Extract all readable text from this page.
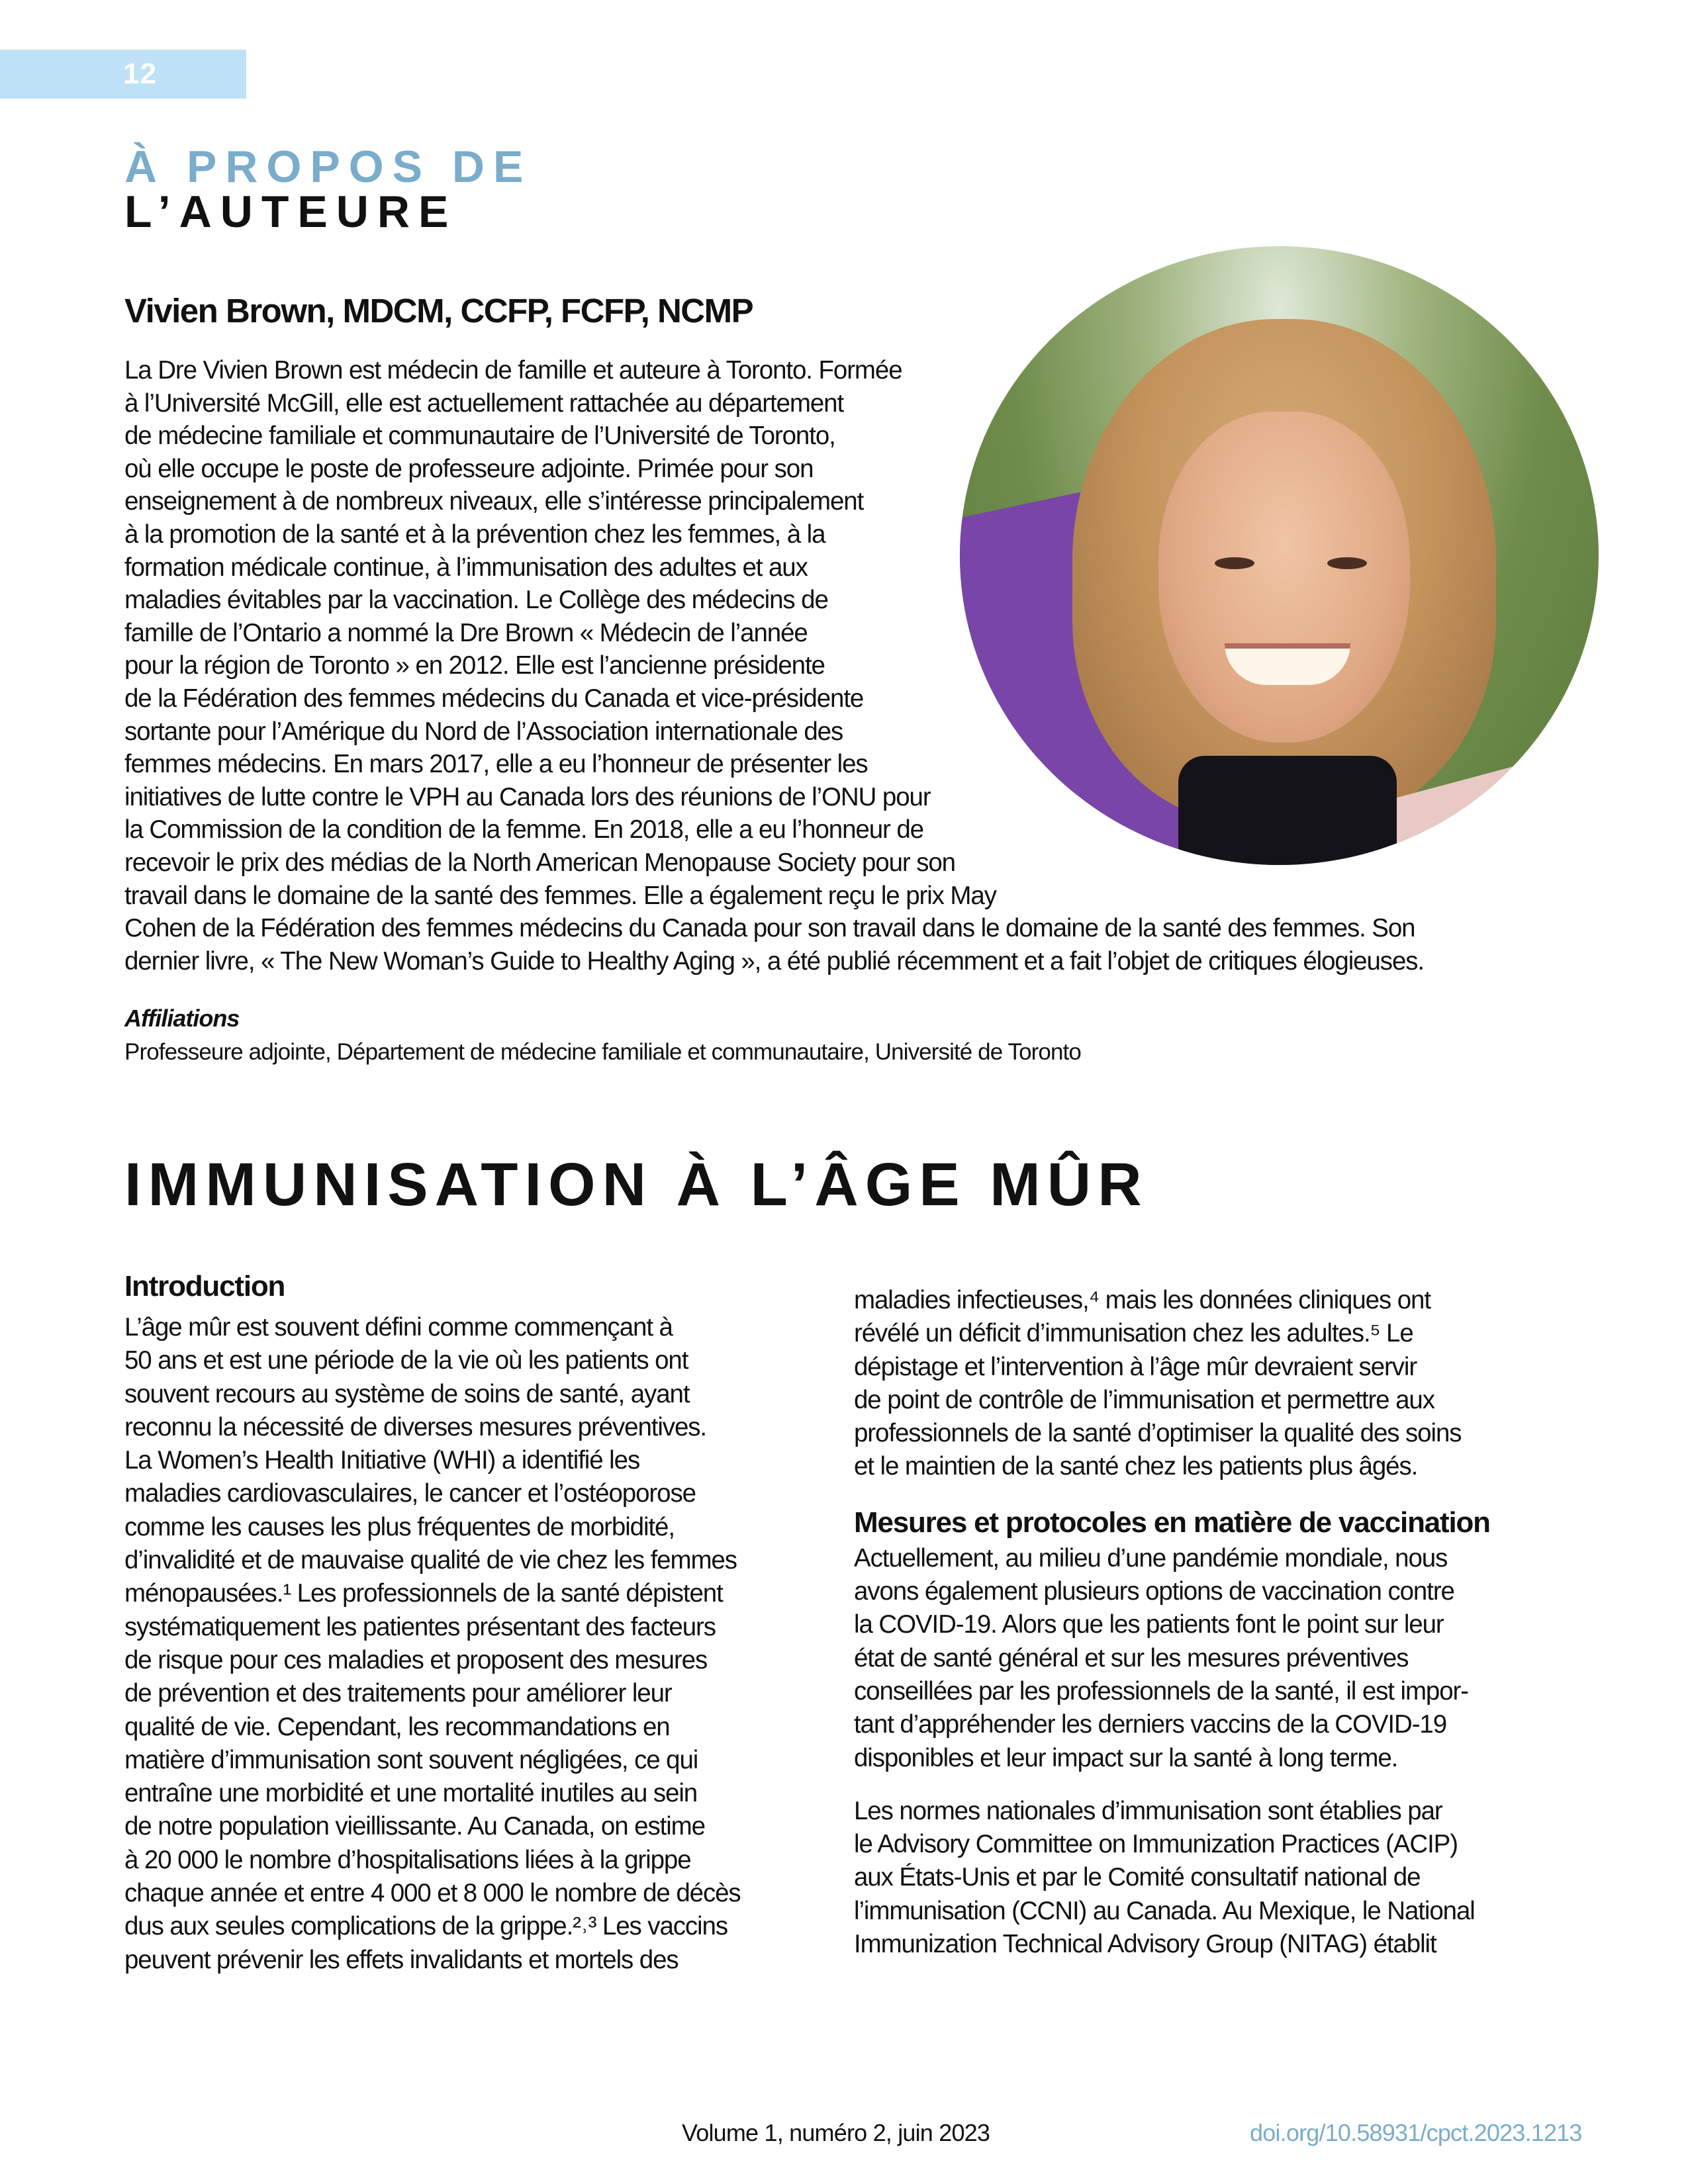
12
À PROPOS DE
L’AUTEURE
Vivien Brown, MDCM, CCFP, FCFP, NCMP
La Dre Vivien Brown est médecin de famille et auteure à Toronto. Formée
à l’Université McGill, elle est actuellement rattachée au département
de médecine familiale et communautaire de l’Université de Toronto,
où elle occupe le poste de professeure adjointe. Primée pour son
enseignement à de nombreux niveaux, elle s’intéresse principalement
à la promotion de la santé et à la prévention chez les femmes, à la
formation médicale continue, à l’immunisation des adultes et aux
maladies évitables par la vaccination. Le Collège des médecins de
famille de l’Ontario a nommé la Dre Brown « Médecin de l’année
pour la région de Toronto » en 2012. Elle est l’ancienne présidente
de la Fédération des femmes médecins du Canada et vice-présidente
sortante pour l’Amérique du Nord de l’Association internationale des
femmes médecins. En mars 2017, elle a eu l’honneur de présenter les
initiatives de lutte contre le VPH au Canada lors des réunions de l’ONU pour
la Commission de la condition de la femme. En 2018, elle a eu l’honneur de
recevoir le prix des médias de la North American Menopause Society pour son
travail dans le domaine de la santé des femmes. Elle a également reçu le prix May
Cohen de la Fédération des femmes médecins du Canada pour son travail dans le domaine de la santé des femmes. Son
dernier livre, « The New Woman’s Guide to Healthy Aging », a été publié récemment et a fait l’objet de critiques élogieuses.
Affiliations
Professeure adjointe, Département de médecine familiale et communautaire, Université de Toronto
IMMUNISATION À L’ÂGE MÛR
Introduction
L’âge mûr est souvent défini comme commençant à
50 ans et est une période de la vie où les patients ont
souvent recours au système de soins de santé, ayant
reconnu la nécessité de diverses mesures préventives.
La Women’s Health Initiative (WHI) a identifié les
maladies cardiovasculaires, le cancer et l’ostéoporose
comme les causes les plus fréquentes de morbidité,
d’invalidité et de mauvaise qualité de vie chez les femmes
ménopausées.¹ Les professionnels de la santé dépistent
systématiquement les patientes présentant des facteurs
de risque pour ces maladies et proposent des mesures
de prévention et des traitements pour améliorer leur
qualité de vie. Cependant, les recommandations en
matière d’immunisation sont souvent négligées, ce qui
entraîne une morbidité et une mortalité inutiles au sein
de notre population vieillissante. Au Canada, on estime
à 20 000 le nombre d’hospitalisations liées à la grippe
chaque année et entre 4 000 et 8 000 le nombre de décès
dus aux seules complications de la grippe.²˒³ Les vaccins
peuvent prévenir les effets invalidants et mortels des
maladies infectieuses,⁴ mais les données cliniques ont
révélé un déficit d’immunisation chez les adultes.⁵ Le
dépistage et l’intervention à l’âge mûr devraient servir
de point de contrôle de l’immunisation et permettre aux
professionnels de la santé d’optimiser la qualité des soins
et le maintien de la santé chez les patients plus âgés.
Mesures et protocoles en matière de vaccination
Actuellement, au milieu d’une pandémie mondiale, nous
avons également plusieurs options de vaccination contre
la COVID-19. Alors que les patients font le point sur leur
état de santé général et sur les mesures préventives
conseillées par les professionnels de la santé, il est impor-
tant d’appréhender les derniers vaccins de la COVID-19
disponibles et leur impact sur la santé à long terme.
Les normes nationales d’immunisation sont établies par
le Advisory Committee on Immunization Practices (ACIP)
aux États-Unis et par le Comité consultatif national de
l’immunisation (CCNI) au Canada. Au Mexique, le National
Immunization Technical Advisory Group (NITAG) établit
Volume 1, numéro 2, juin 2023	doi.org/10.58931/cpct.2023.1213
